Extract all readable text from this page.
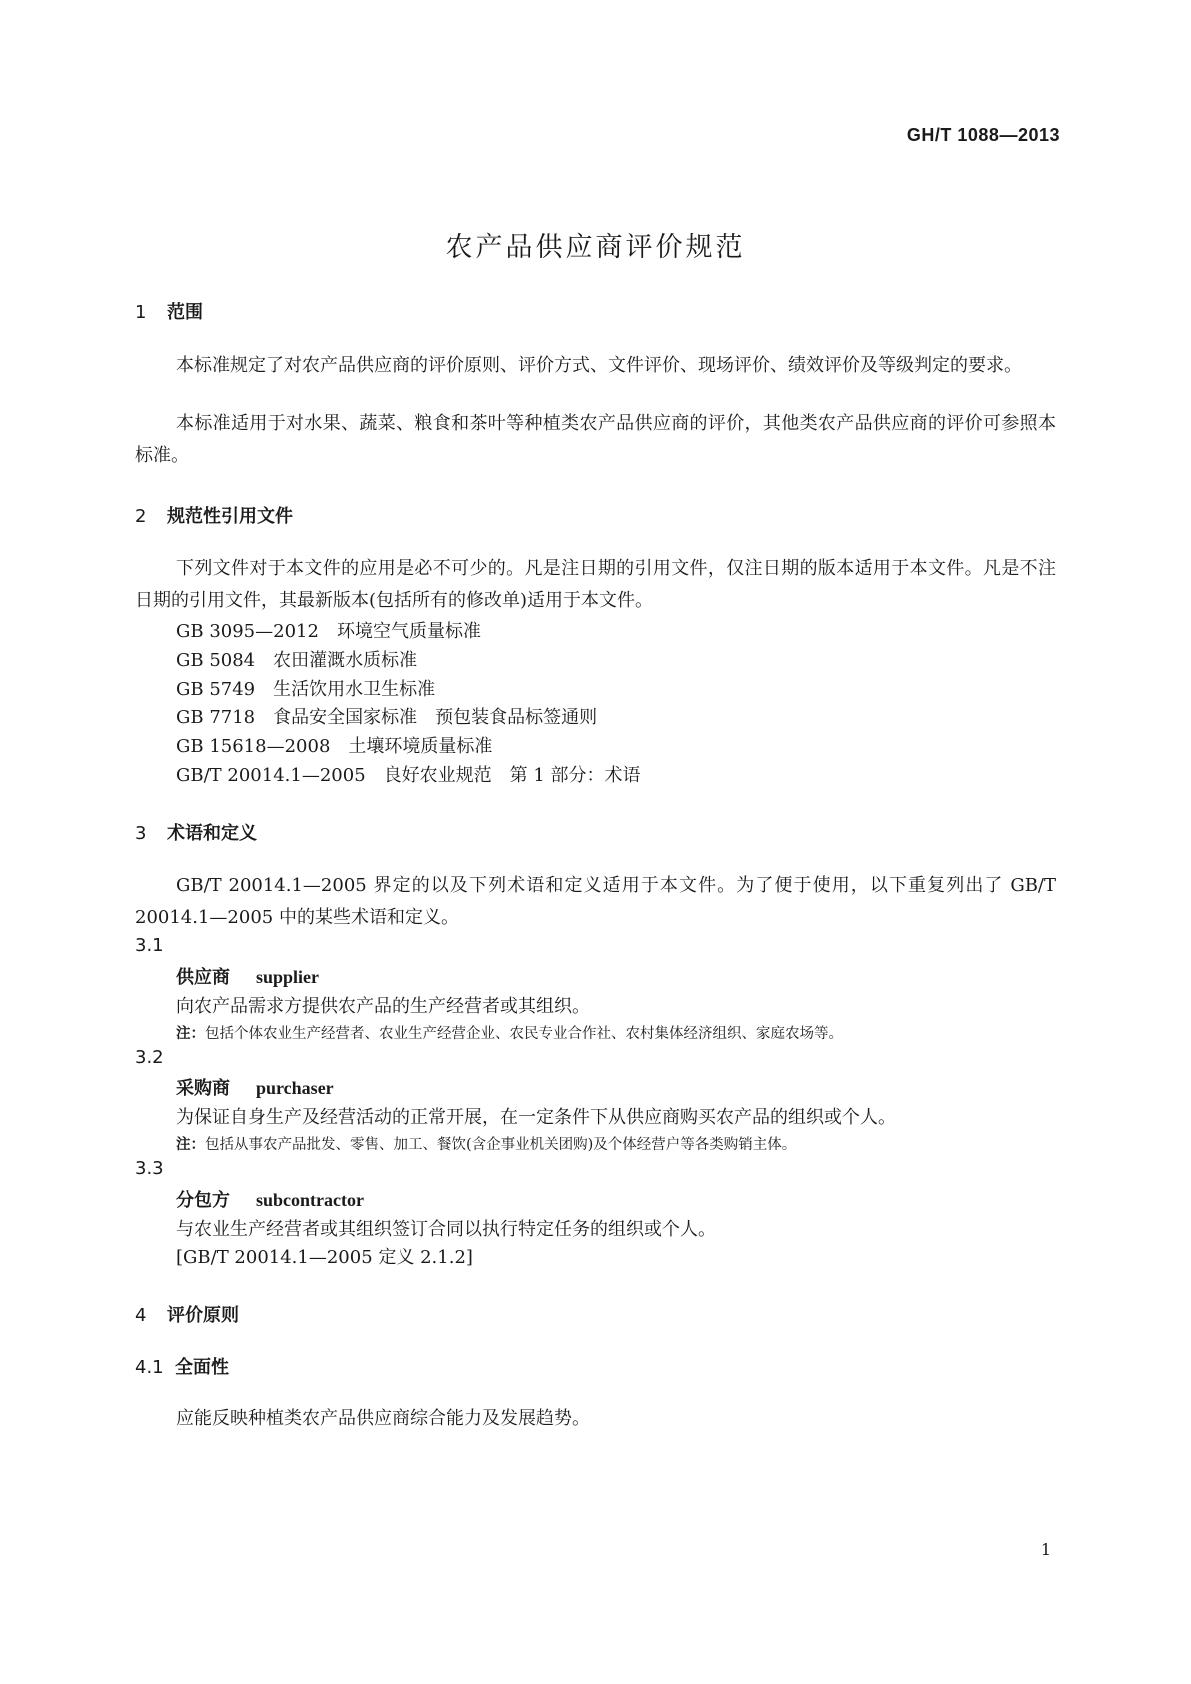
GH/T 1088—2013
农产品供应商评价规范
1 范围

本标准规定了对农产品供应商的评价原则、评价方式、文件评价、现场评价、绩效评价及等级判定的要求。

本标准适用于对水果、蔬菜、粮食和茶叶等种植类农产品供应商的评价，其他类农产品供应商的评价可参照本标准。

2 规范性引用文件

下列文件对于本文件的应用是必不可少的。凡是注日期的引用文件，仅注日期的版本适用于本文件。凡是不注日期的引用文件，其最新版本(包括所有的修改单)适用于本文件。

GB 3095—2012　环境空气质量标准
GB 5084　农田灌溉水质标准
GB 5749　生活饮用水卫生标准
GB 7718　食品安全国家标准　预包装食品标签通则
GB 15618—2008　土壤环境质量标准
GB/T 20014.1—2005　良好农业规范　第 1 部分：术语
3 术语和定义

GB/T 20014.1—2005 界定的以及下列术语和定义适用于本文件。为了便于使用，以下重复列出了 GB/T 20014.1—2005 中的某些术语和定义。

3.1
供应商 supplier
向农产品需求方提供农产品的生产经营者或其组织。
注：包括个体农业生产经营者、农业生产经营企业、农民专业合作社、农村集体经济组织、家庭农场等。
3.2
采购商 purchaser
为保证自身生产及经营活动的正常开展，在一定条件下从供应商购买农产品的组织或个人。
注：包括从事农产品批发、零售、加工、餐饮(含企事业机关团购)及个体经营户等各类购销主体。
3.3
分包方 subcontractor
与农业生产经营者或其组织签订合同以执行特定任务的组织或个人。
[GB/T 20014.1—2005 定义 2.1.2]
4 评价原则
4.1 全面性
应能反映种植类农产品供应商综合能力及发展趋势。
1
